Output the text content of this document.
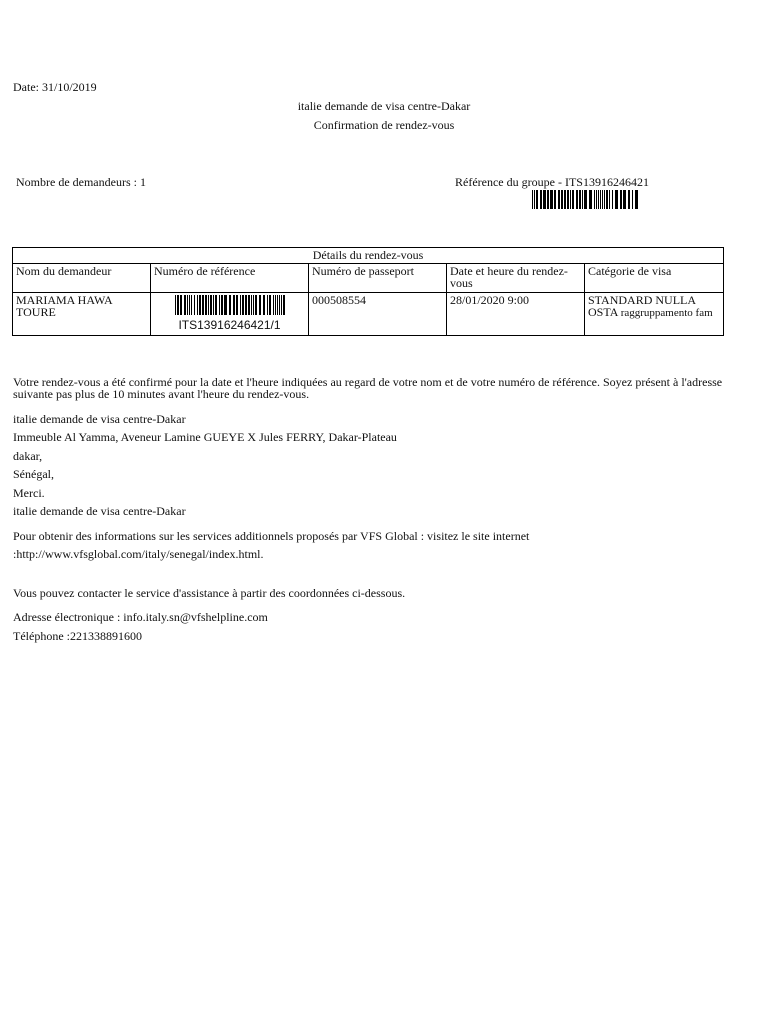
Date: 31/10/2019
italie demande de visa centre-Dakar
Confirmation de rendez-vous
Nombre de demandeurs : 1	Référence du groupe - ITS13916246421
Détails du rendez-vous				
Nom du demandeur	Numéro de référence	Numéro de passeport	Date et heure du rendez-vous	Catégorie de visa
MARIAMA HAWA TOURE	ITS13916246421/1	000508554	28/01/2020 9:00	STANDARD NULLA OSTA raggruppamento fam
Votre rendez-vous a été confirmé pour la date et l'heure indiquées au regard de votre nom et de votre numéro de référence. Soyez présent à l'adresse suivante pas plus de 10 minutes avant l'heure du rendez-vous.
italie demande de visa centre-Dakar
Immeuble Al Yamma, Aveneur Lamine GUEYE X Jules FERRY, Dakar-Plateau
dakar,
Sénégal,
Merci.
italie demande de visa centre-Dakar
Pour obtenir des informations sur les services additionnels proposés par VFS Global : visitez le site internet
:http://www.vfsglobal.com/italy/senegal/index.html.
Vous pouvez contacter le service d'assistance à partir des coordonnées ci-dessous.
Adresse électronique : info.italy.sn@vfshelpline.com
Téléphone :221338891600
